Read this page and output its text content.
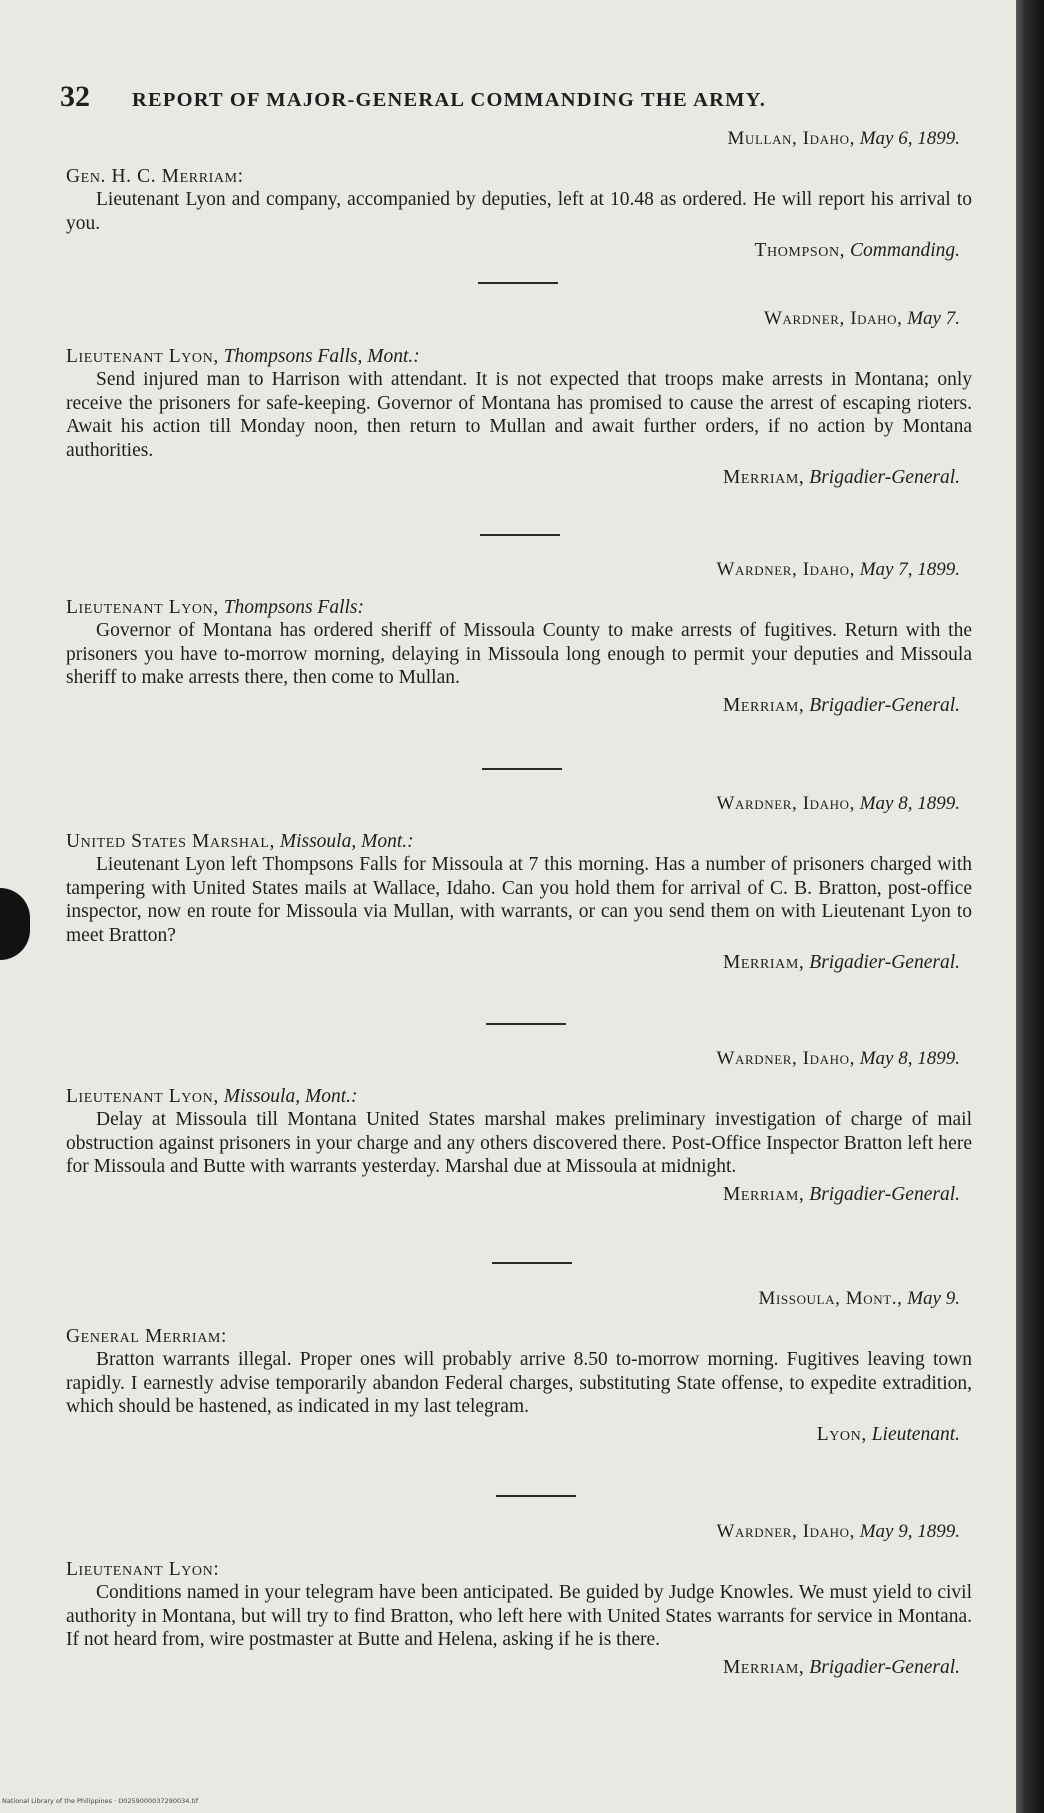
32 REPORT OF MAJOR-GENERAL COMMANDING THE ARMY.
Mullan, Idaho, May 6, 1899.
Gen. H. C. Merriam:
Lieutenant Lyon and company, accompanied by deputies, left at 10.48 as ordered. He will report his arrival to you.
Thompson, Commanding.
Wardner, Idaho, May 7.
Lieutenant Lyon, Thompsons Falls, Mont.:
Send injured man to Harrison with attendant. It is not expected that troops make arrests in Montana; only receive the prisoners for safe-keeping. Governor of Montana has promised to cause the arrest of escaping rioters. Await his action till Monday noon, then return to Mullan and await further orders, if no action by Montana authorities.
Merriam, Brigadier-General.
Wardner, Idaho, May 7, 1899.
Lieutenant Lyon, Thompsons Falls:
Governor of Montana has ordered sheriff of Missoula County to make arrests of fugitives. Return with the prisoners you have to-morrow morning, delaying in Missoula long enough to permit your deputies and Missoula sheriff to make arrests there, then come to Mullan.
Merriam, Brigadier-General.
Wardner, Idaho, May 8, 1899.
United States Marshal, Missoula, Mont.:
Lieutenant Lyon left Thompsons Falls for Missoula at 7 this morning. Has a number of prisoners charged with tampering with United States mails at Wallace, Idaho. Can you hold them for arrival of C. B. Bratton, post-office inspector, now en route for Missoula via Mullan, with warrants, or can you send them on with Lieutenant Lyon to meet Bratton?
Merriam, Brigadier-General.
Wardner, Idaho, May 8, 1899.
Lieutenant Lyon, Missoula, Mont.:
Delay at Missoula till Montana United States marshal makes preliminary investigation of charge of mail obstruction against prisoners in your charge and any others discovered there. Post-Office Inspector Bratton left here for Missoula and Butte with warrants yesterday. Marshal due at Missoula at midnight.
Merriam, Brigadier-General.
Missoula, Mont., May 9.
General Merriam:
Bratton warrants illegal. Proper ones will probably arrive 8.50 to-morrow morning. Fugitives leaving town rapidly. I earnestly advise temporarily abandon Federal charges, substituting State offense, to expedite extradition, which should be hastened, as indicated in my last telegram.
Lyon, Lieutenant.
Wardner, Idaho, May 9, 1899.
Lieutenant Lyon:
Conditions named in your telegram have been anticipated. Be guided by Judge Knowles. We must yield to civil authority in Montana, but will try to find Bratton, who left here with United States warrants for service in Montana. If not heard from, wire postmaster at Butte and Helena, asking if he is there.
Merriam, Brigadier-General.
National Library of the Philippines · D0259000037290034.tif
